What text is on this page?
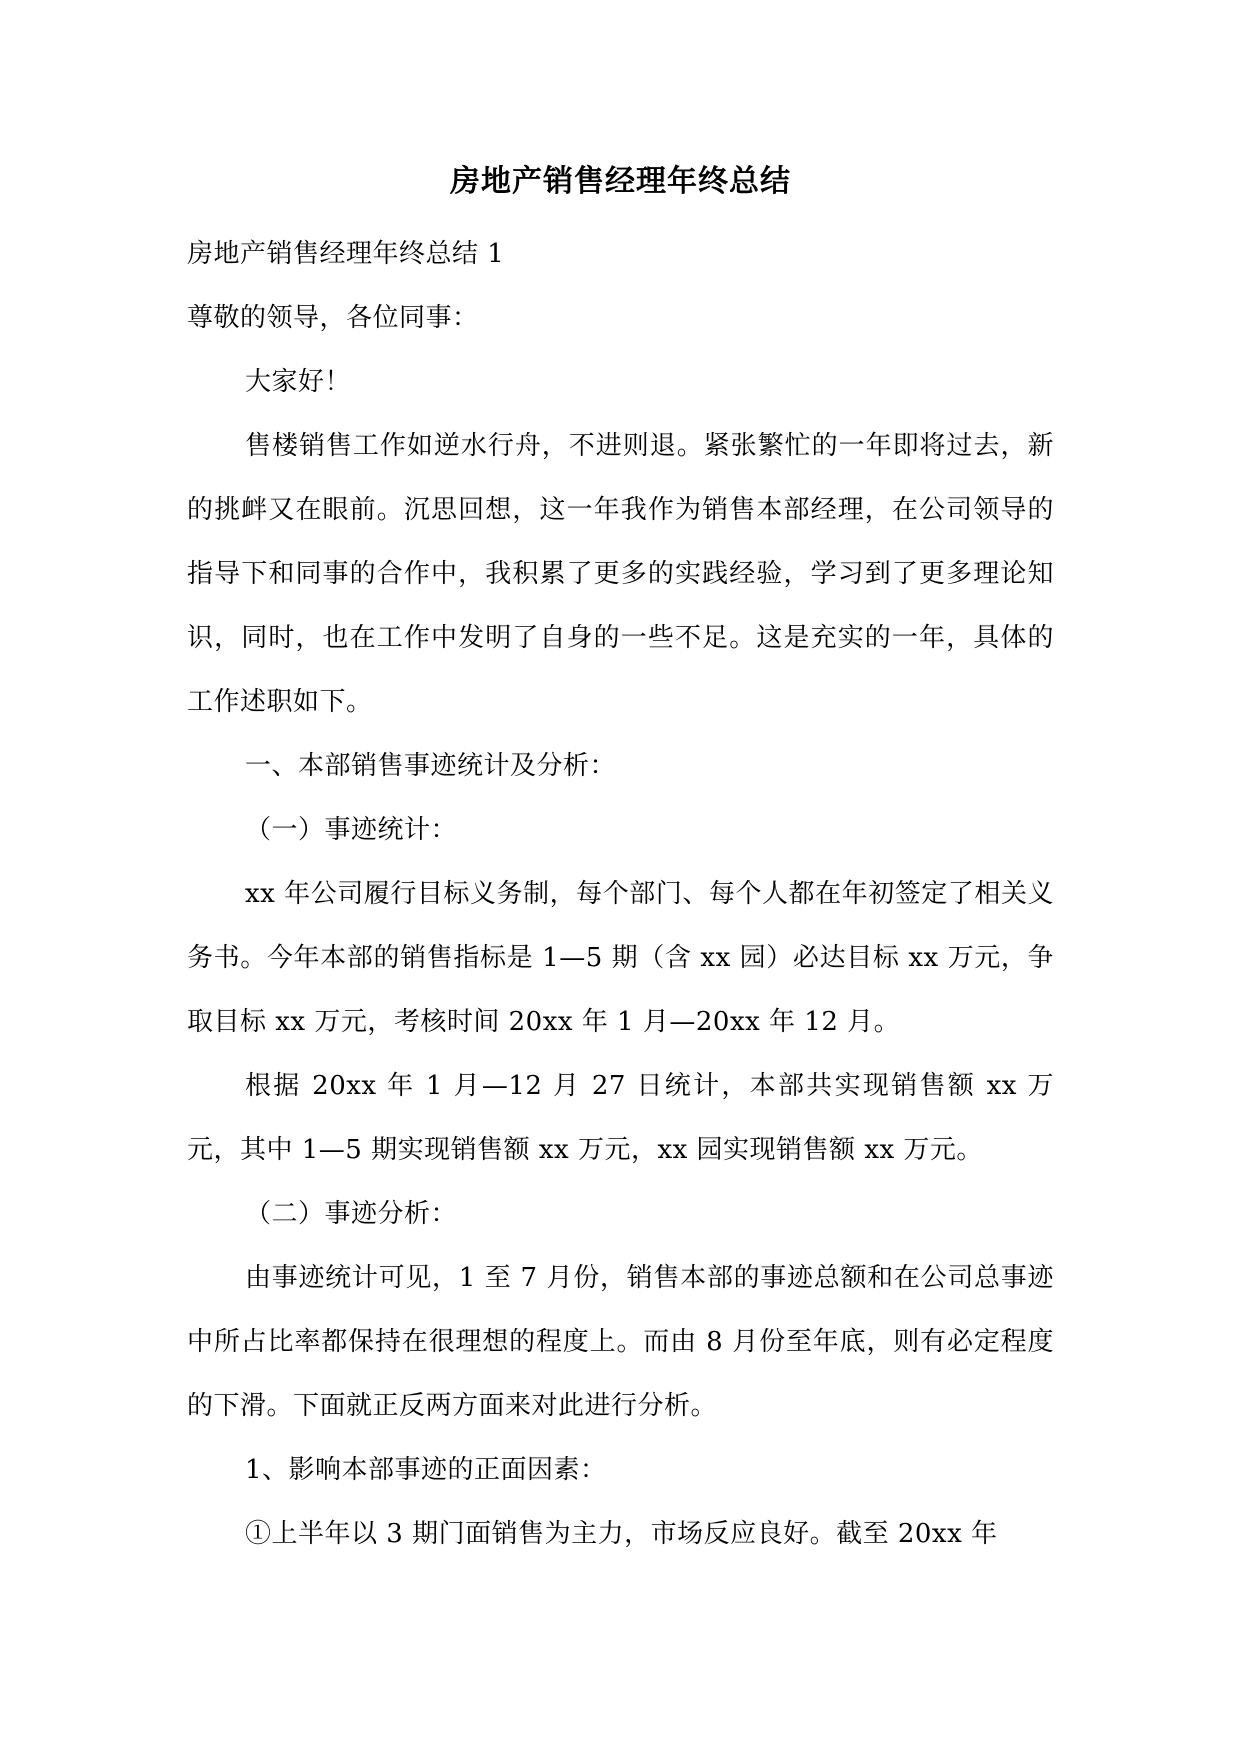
房地产销售经理年终总结

房地产销售经理年终总结 1

尊敬的领导，各位同事：

大家好！

售楼销售工作如逆水行舟，不进则退。紧张繁忙的一年即将过去，新的挑衅又在眼前。沉思回想，这一年我作为销售本部经理，在公司领导的指导下和同事的合作中，我积累了更多的实践经验，学习到了更多理论知识，同时，也在工作中发明了自身的一些不足。这是充实的一年，具体的工作述职如下。

一、本部销售事迹统计及分析：

（一）事迹统计：

xx 年公司履行目标义务制，每个部门、每个人都在年初签定了相关义务书。今年本部的销售指标是 1—5 期（含 xx 园）必达目标 xx 万元，争取目标 xx 万元，考核时间 20xx 年 1 月—20xx 年 12 月。

根据 20xx 年 1 月—12 月 27 日统计，本部共实现销售额 xx 万元，其中 1—5 期实现销售额 xx 万元，xx 园实现销售额 xx 万元。

（二）事迹分析：

由事迹统计可见，1 至 7 月份，销售本部的事迹总额和在公司总事迹中所占比率都保持在很理想的程度上。而由 8 月份至年底，则有必定程度的下滑。下面就正反两方面来对此进行分析。

1、影响本部事迹的正面因素：

①上半年以 3 期门面销售为主力，市场反应良好。截至 20xx 年
